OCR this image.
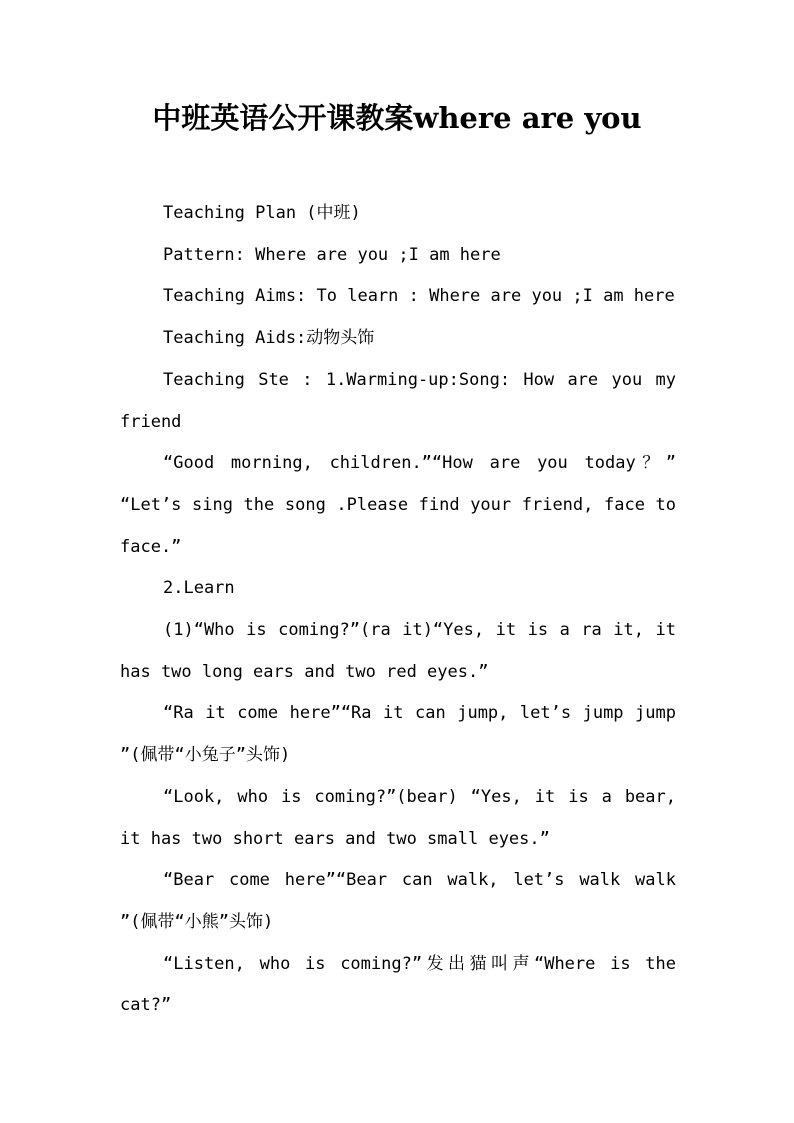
中班英语公开课教案where are you

Teaching Plan (中班)

Pattern: Where are you ;I am here

Teaching Aims: To learn : Where are you ;I am here

Teaching Aids:动物头饰

Teaching Ste : 1.Warming-up:Song: How are you my friend

“Good morning, children.”“How are you today？” “Let’s sing the song .Please find your friend, face to face.”

2.Learn

(1)“Who is coming?”(ra it)“Yes, it is a ra it, it has two long ears and two red eyes.”

“Ra it come here”“Ra it can jump, let’s jump jump ”(佩带“小兔子”头饰)

“Look, who is coming?”(bear) “Yes, it is a bear, it has two short ears and two small eyes.”

“Bear come here”“Bear can walk, let’s walk walk ”(佩带“小熊”头饰)

“Listen, who is coming?”发出猫叫声“Where is the cat?”
